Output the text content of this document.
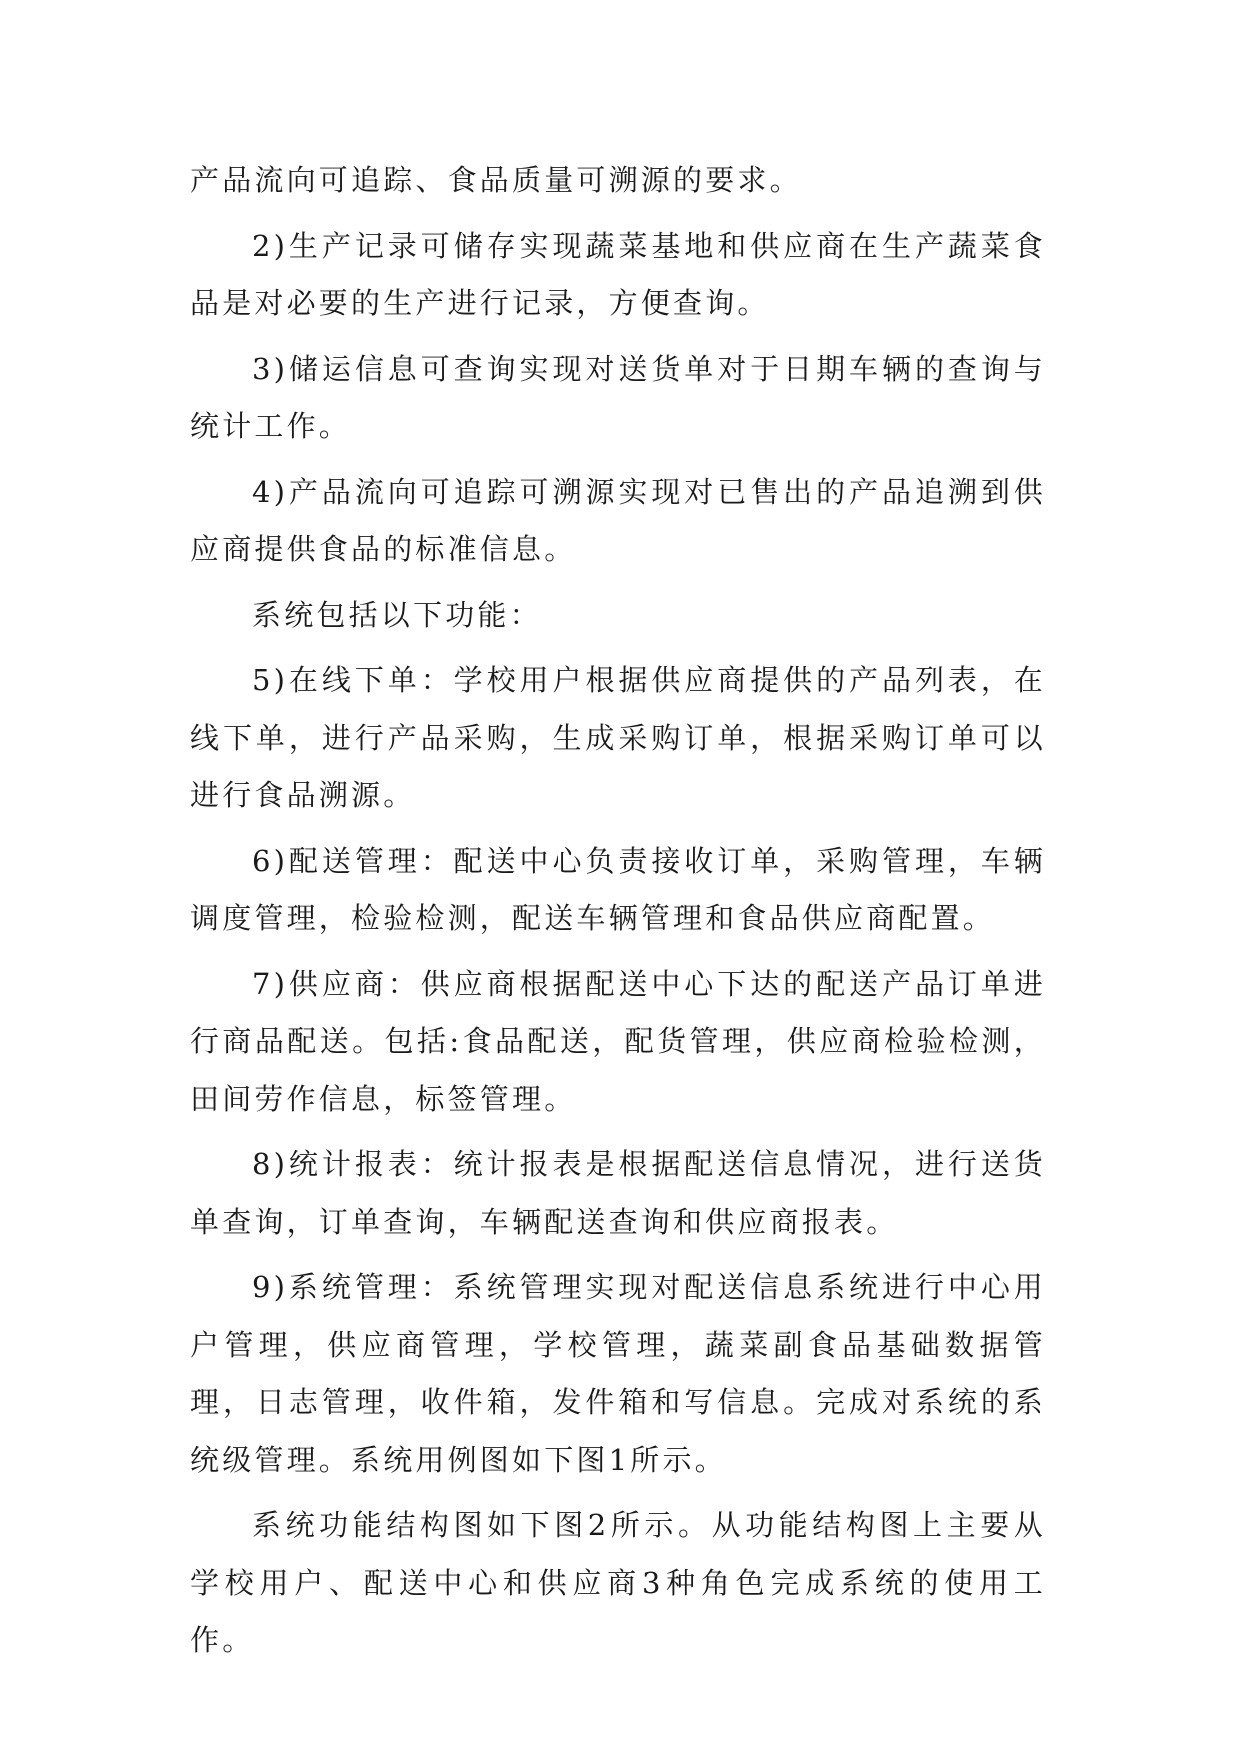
产品流向可追踪、食品质量可溯源的要求。

2)生产记录可储存实现蔬菜基地和供应商在生产蔬菜食品是对必要的生产进行记录，方便查询。

3)储运信息可查询实现对送货单对于日期车辆的查询与统计工作。

4)产品流向可追踪可溯源实现对已售出的产品追溯到供应商提供食品的标准信息。

系统包括以下功能：

5)在线下单：学校用户根据供应商提供的产品列表，在线下单，进行产品采购，生成采购订单，根据采购订单可以进行食品溯源。

6)配送管理：配送中心负责接收订单，采购管理，车辆调度管理，检验检测，配送车辆管理和食品供应商配置。

7)供应商：供应商根据配送中心下达的配送产品订单进行商品配送。包括:食品配送，配货管理，供应商检验检测，田间劳作信息，标签管理。

8)统计报表：统计报表是根据配送信息情况，进行送货单查询，订单查询，车辆配送查询和供应商报表。

9)系统管理：系统管理实现对配送信息系统进行中心用户管理，供应商管理，学校管理，蔬菜副食品基础数据管理，日志管理，收件箱，发件箱和写信息。完成对系统的系统级管理。系统用例图如下图1所示。

系统功能结构图如下图2所示。从功能结构图上主要从学校用户、配送中心和供应商3种角色完成系统的使用工作。
